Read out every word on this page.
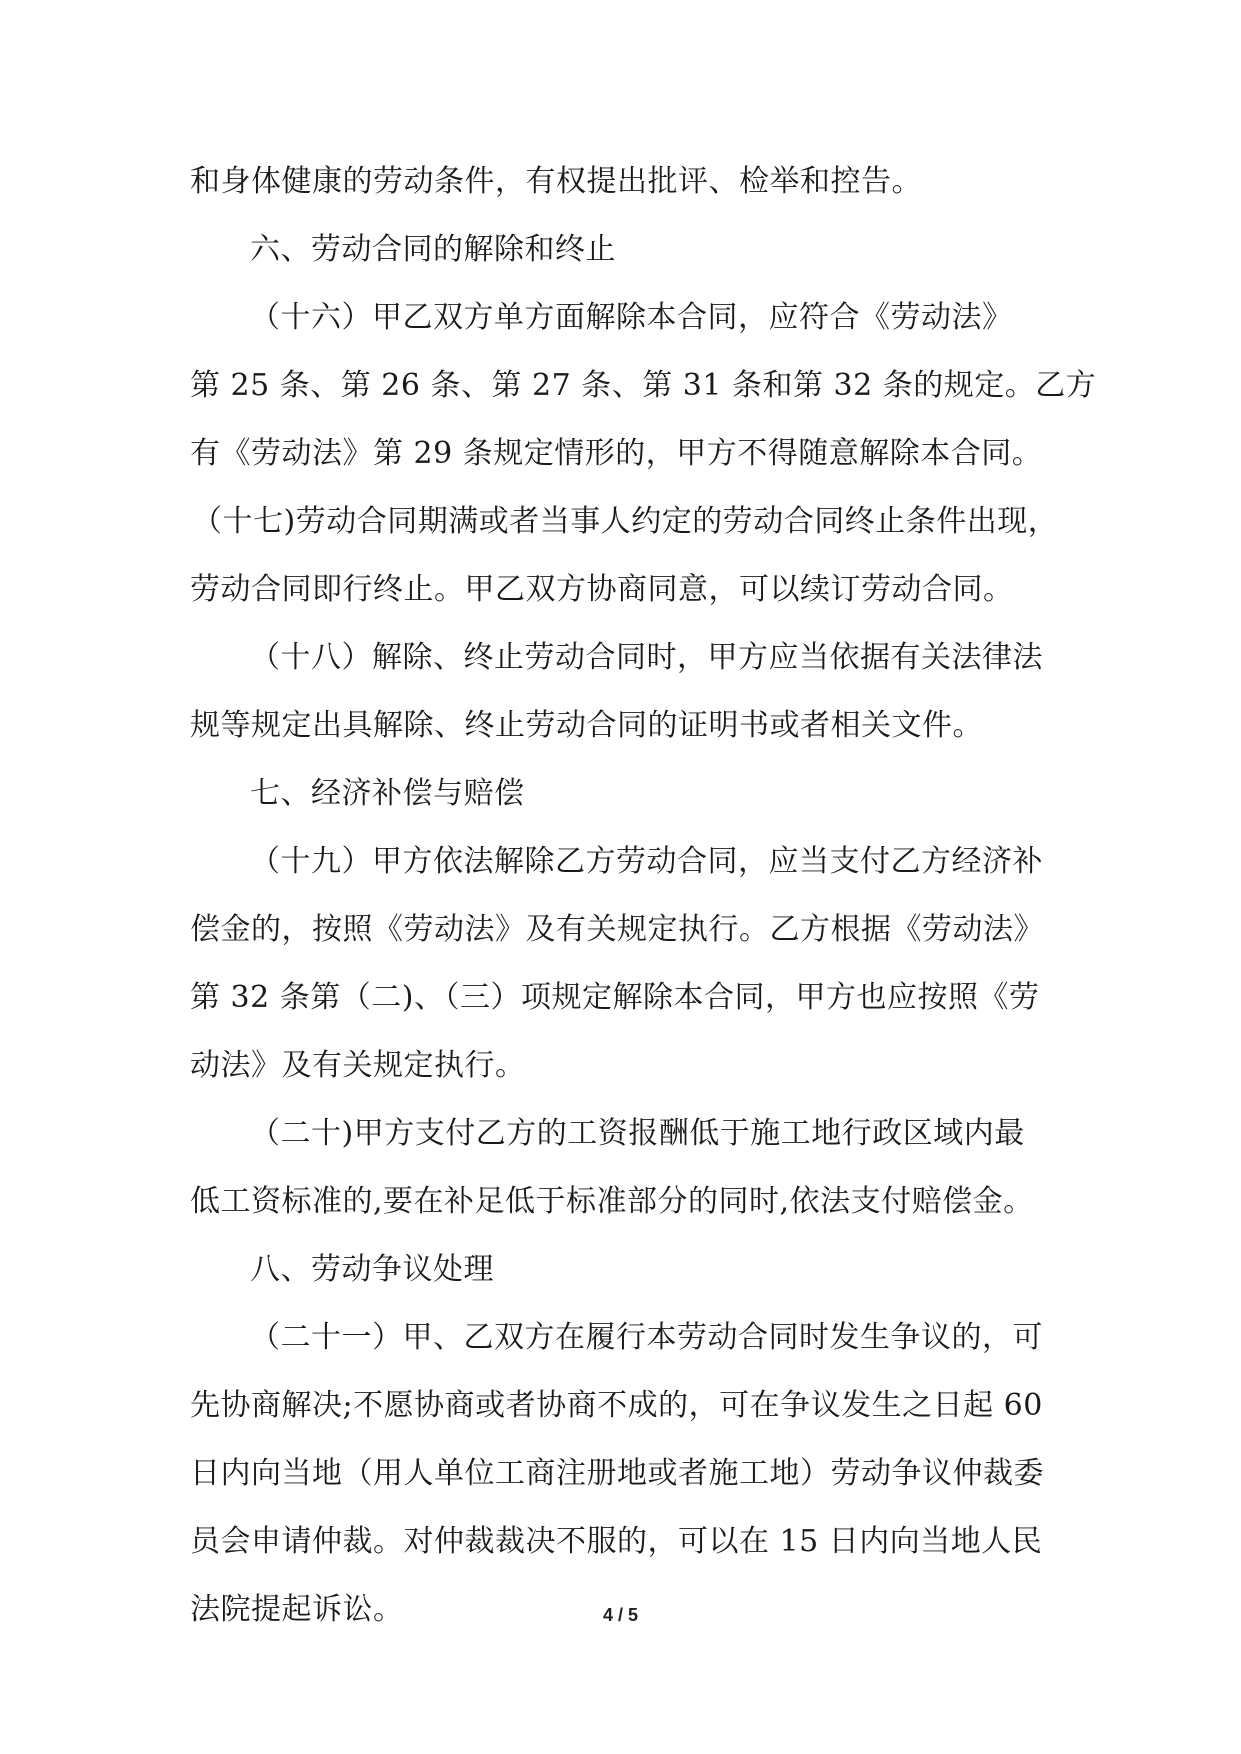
和身体健康的劳动条件，有权提出批评、检举和控告。
六、劳动合同的解除和终止
（十六）甲乙双方单方面解除本合同，应符合《劳动法》
第 25 条、第 26 条、第 27 条、第 31 条和第 32 条的规定。乙方
有《劳动法》第 29 条规定情形的，甲方不得随意解除本合同。
（十七)劳动合同期满或者当事人约定的劳动合同终止条件出现，
劳动合同即行终止。甲乙双方协商同意，可以续订劳动合同。
（十八）解除、终止劳动合同时，甲方应当依据有关法律法
规等规定出具解除、终止劳动合同的证明书或者相关文件。
七、经济补偿与赔偿
（十九）甲方依法解除乙方劳动合同，应当支付乙方经济补
偿金的，按照《劳动法》及有关规定执行。乙方根据《劳动法》
第 32 条第（二)、（三）项规定解除本合同，甲方也应按照《劳
动法》及有关规定执行。
（二十)甲方支付乙方的工资报酬低于施工地行政区域内最
低工资标准的,要在补足低于标准部分的同时,依法支付赔偿金。
八、劳动争议处理
（二十一）甲、乙双方在履行本劳动合同时发生争议的，可
先协商解决;不愿协商或者协商不成的，可在争议发生之日起 60
日内向当地（用人单位工商注册地或者施工地）劳动争议仲裁委
员会申请仲裁。对仲裁裁决不服的，可以在 15 日内向当地人民
法院提起诉讼。	4 / 5
